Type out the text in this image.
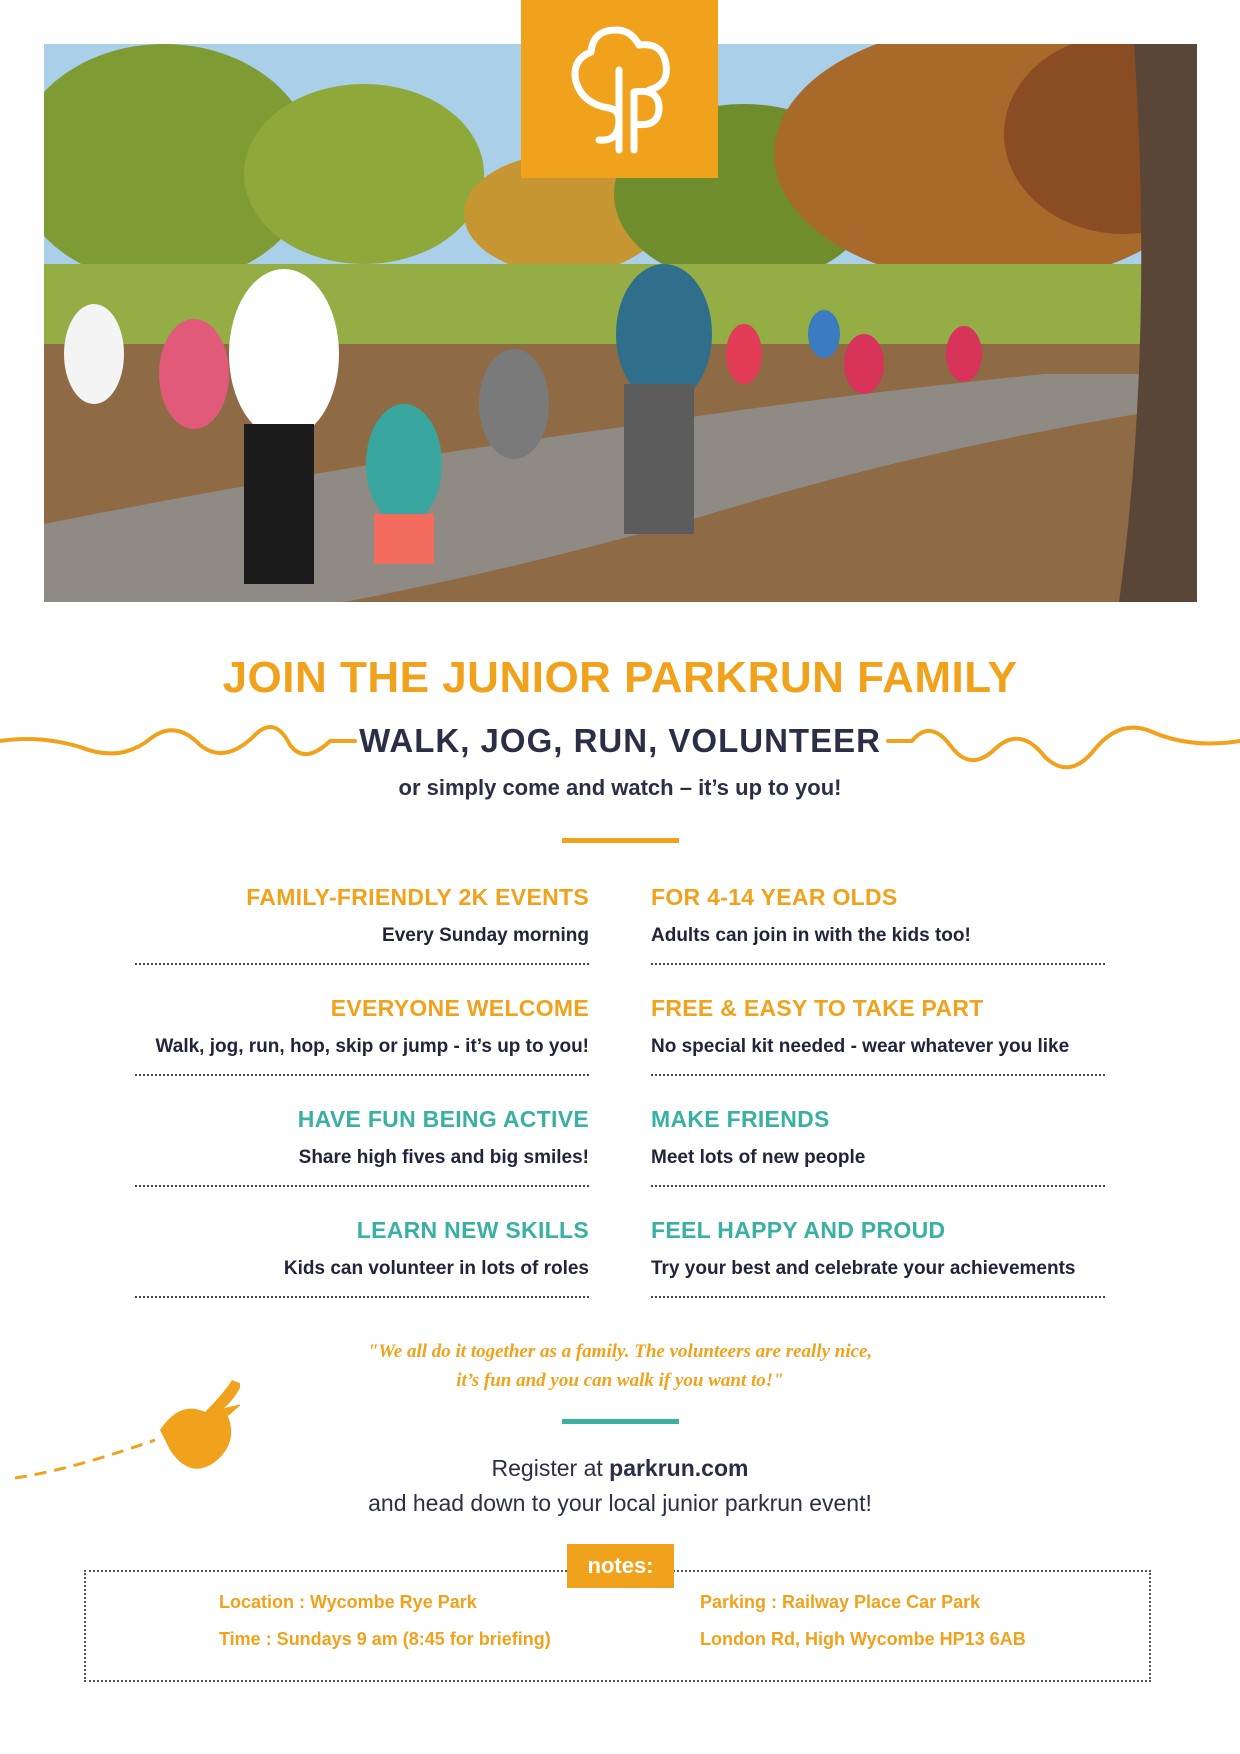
JOIN THE JUNIOR PARKRUN FAMILY
WALK, JOG, RUN, VOLUNTEER
or simply come and watch – it’s up to you!
FAMILY-FRIENDLY 2K EVENTS
Every Sunday morning
FOR 4-14 YEAR OLDS
Adults can join in with the kids too!
EVERYONE WELCOME
Walk, jog, run, hop, skip or jump - it’s up to you!
FREE & EASY TO TAKE PART
No special kit needed - wear whatever you like
HAVE FUN BEING ACTIVE
Share high fives and big smiles!
MAKE FRIENDS
Meet lots of new people
LEARN NEW SKILLS
Kids can volunteer in lots of roles
FEEL HAPPY AND PROUD
Try your best and celebrate your achievements
"We all do it together as a family. The volunteers are really nice,
it’s fun and you can walk if you want to!"
Register at parkrun.com
and head down to your local junior parkrun event!
notes:
Location : Wycombe Rye Park
Time : Sundays 9 am (8:45 for briefing)
Parking : Railway Place Car Park
London Rd, High Wycombe HP13 6AB
